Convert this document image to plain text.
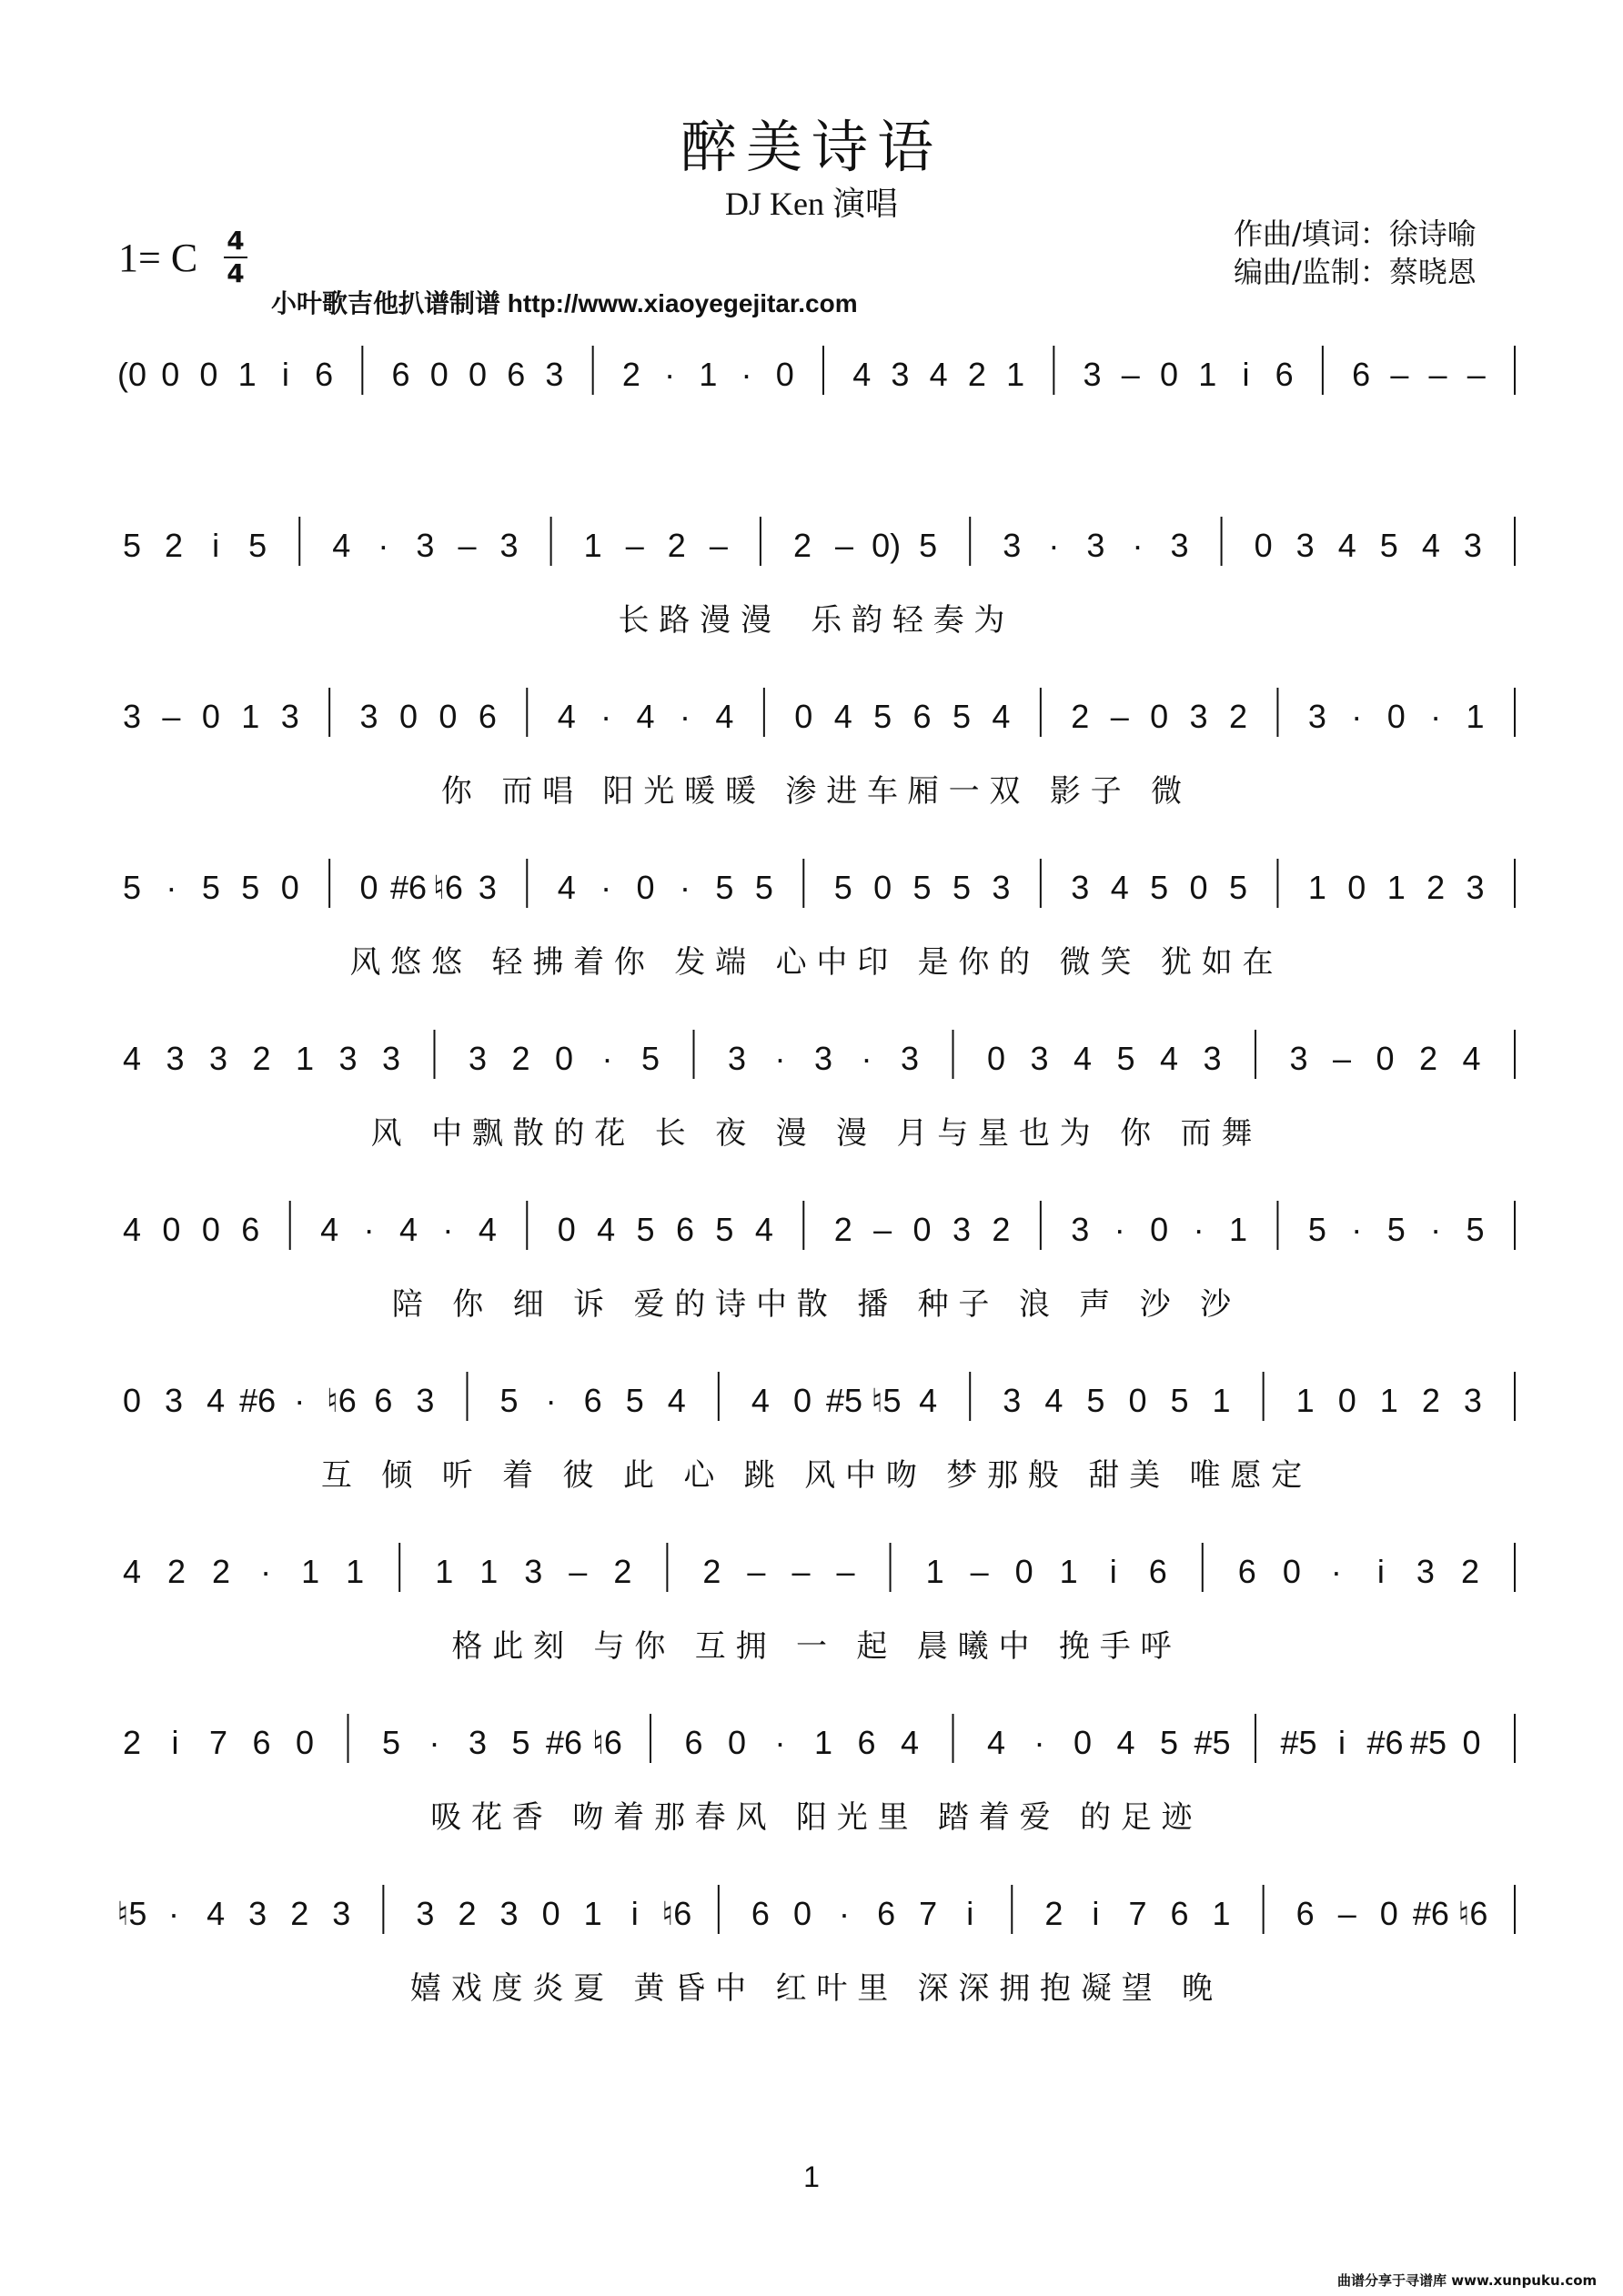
醉美诗语
DJ Ken 演唱
1= C 4
4
作曲/填词：徐诗喻
编曲/监制：蔡晓恩
小叶歌吉他扒谱制谱 http://www.xiaoyegejitar.com
(0 0 0 1 i 6 6 0 0 6 3 2 · 1 · 0 4 3 4 2 1 3 – 0 1 i 6 6 – – –
5 2 i 5 4 · 3 – 3 1 – 2 – 2 – 0) 5 3 · 3 · 3 0 3 4 5 4 3
长 路 漫 漫    乐 韵 轻 奏 为
3 – 0 1 3 3 0 0 6 4 · 4 · 4 0 4 5 6 5 4 2 – 0 3 2 3 · 0 · 1
你   而 唱   阳 光 暖 暖   渗 进 车 厢 一 双   影 子   微
5 · 5 5 0 0 #6 ♮6 3 4 · 0 · 5 5 5 0 5 5 3 3 4 5 0 5 1 0 1 2 3
风 悠 悠   轻 拂 着 你   发 端   心 中 印   是 你 的   微 笑   犹 如 在
4 3 3 2 1 3 3 3 2 0 · 5 3 · 3 · 3 0 3 4 5 4 3 3 – 0 2 4
风   中 飘 散 的 花   长   夜   漫   漫   月 与 星 也 为   你   而 舞
4 0 0 6 4 · 4 · 4 0 4 5 6 5 4 2 – 0 3 2 3 · 0 · 1 5 · 5 · 5
陪   你   细   诉   爱 的 诗 中 散   播   种 子   浪   声   沙   沙
0 3 4 #6 · ♮6 6 3 5 · 6 5 4 4 0 #5 ♮5 4 3 4 5 0 5 1 1 0 1 2 3
互   倾   听   着   彼   此   心   跳   风 中 吻   梦 那 般   甜 美   唯 愿 定
4 2 2 · 1 1 1 1 3 – 2 2 – – – 1 – 0 1 i 6 6 0 · i 3 2
格 此 刻   与 你   互 拥   一   起   晨 曦 中   挽 手 呼
2 i 7 6 0 5 · 3 5 #6 ♮6 6 0 · 1 6 4 4 · 0 4 5 #5 #5 i #6 #5 0
吸 花 香   吻 着 那 春 风   阳 光 里   踏 着 爱   的 足 迹
♮5 · 4 3 2 3 3 2 3 0 1 i ♮6 6 0 · 6 7 i 2 i 7 6 1 6 – 0 #6 ♮6
嬉 戏 度 炎 夏   黄 昏 中   红 叶 里   深 深 拥 抱 凝 望   晚
1
曲谱分享于寻谱库 www.xunpuku.com
